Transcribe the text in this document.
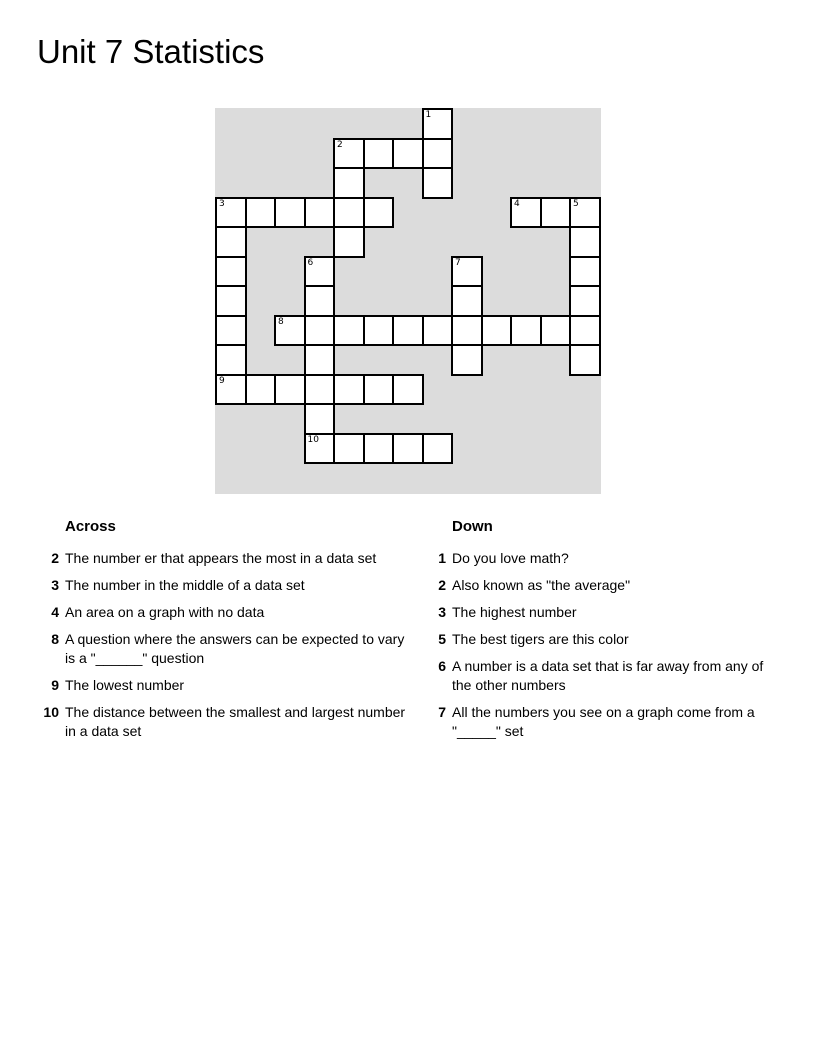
Unit 7 Statistics
1
2
3	4	5
6	7
8
9
10
Across
2 The number er that appears the most in a data set
3 The number in the middle of a data set
4 An area on a graph with no data
8 A question where the answers can be expected to vary is a "______" question
9 The lowest number
10 The distance between the smallest and largest number in a data set
Down
1 Do you love math?
2 Also known as "the average"
3 The highest number
5 The best tigers are this color
6 A number is a data set that is far away from any of the other numbers
7 All the numbers you see on a graph come from a "_____" set
